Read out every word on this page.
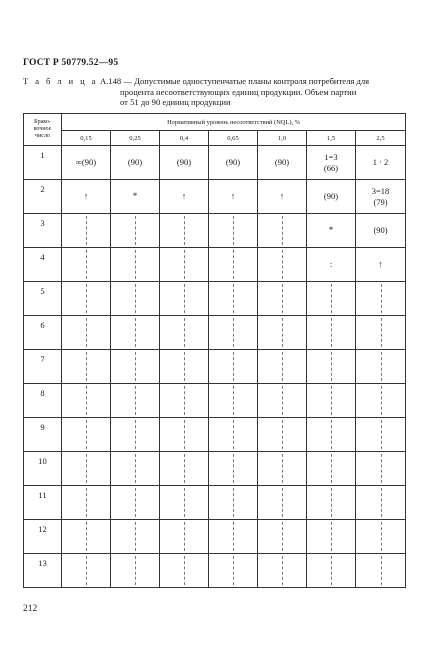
ГОСТ Р 50779.52—95
Т а б л и ц а А.148 — Допустимые одноступенчатые планы контроля потребителя для
процента несоответствующих единиц продукции. Объем партии
от 51 до 90 единиц продукции
Брако-
вочное
число	Нормативный уровень несоответствий (NQL), %						
	0,15	0,25	0,4	0,65	1,0	1,5	2,5
1	∞(90)	(90)	(90)	(90)	(90)	1=3
(66)	1 · 2

2	↑	*	↑	↑	↑	(90)	3=18
(79)

3						*	(90)

4						:	↑

5	

6	

7	

8	

9	

10	

11	

12	

13	

212
